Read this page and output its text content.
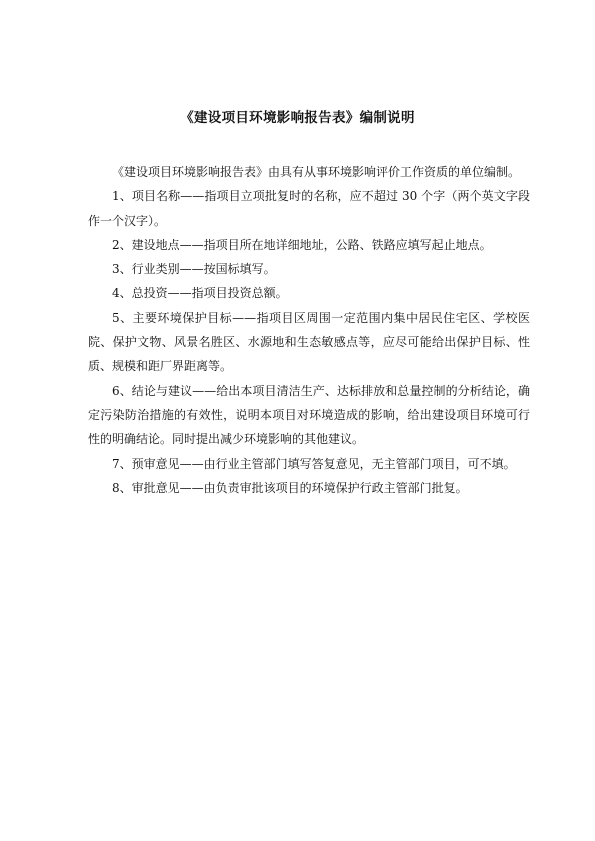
《建设项目环境影响报告表》编制说明

《建设项目环境影响报告表》由具有从事环境影响评价工作资质的单位编制。

1、项目名称——指项目立项批复时的名称，应不超过 30 个字（两个英文字段作一个汉字）。

2、建设地点——指项目所在地详细地址，公路、铁路应填写起止地点。

3、行业类别——按国标填写。

4、总投资——指项目投资总额。

5、主要环境保护目标——指项目区周围一定范围内集中居民住宅区、学校医院、保护文物、风景名胜区、水源地和生态敏感点等，应尽可能给出保护目标、性质、规模和距厂界距离等。

6、结论与建议——给出本项目清洁生产、达标排放和总量控制的分析结论，确定污染防治措施的有效性，说明本项目对环境造成的影响，给出建设项目环境可行性的明确结论。同时提出减少环境影响的其他建议。

7、预审意见——由行业主管部门填写答复意见，无主管部门项目，可不填。

8、审批意见——由负责审批该项目的环境保护行政主管部门批复。
